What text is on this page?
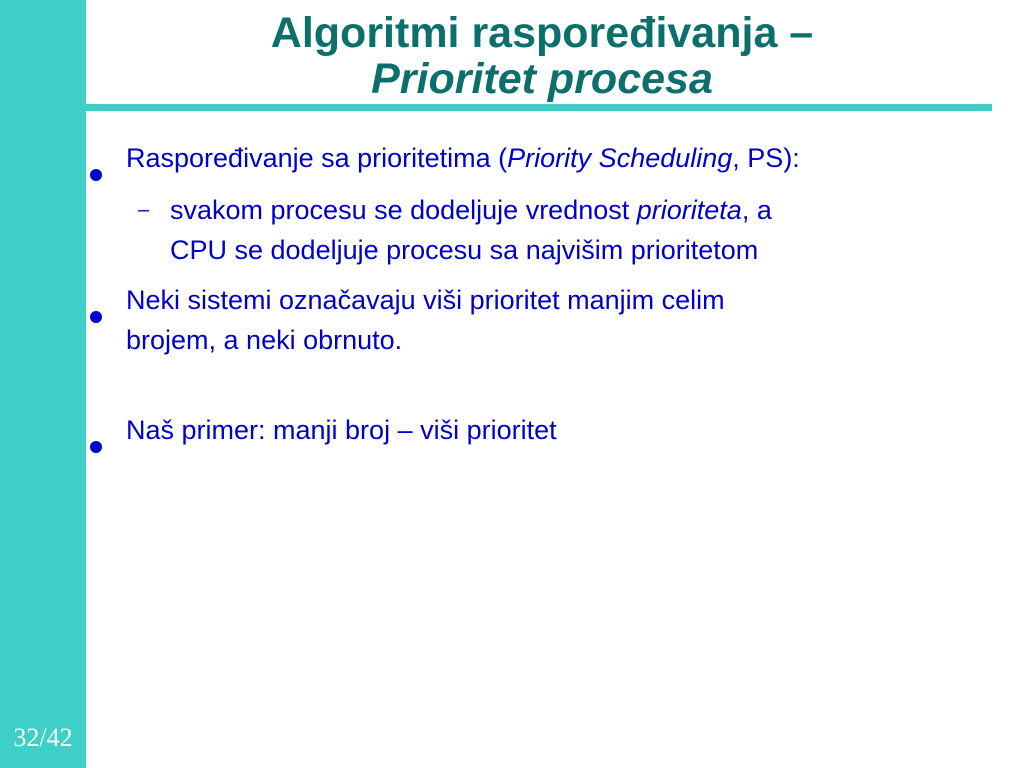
32/42
Algoritmi raspoređivanja –
Prioritet procesa
Raspoređivanje sa prioritetima (Priority Scheduling, PS):
– svakom procesu se dodeljuje vrednost prioriteta, a
CPU se dodeljuje procesu sa najvišim prioritetom
Neki sistemi označavaju viši prioritet manjim celim
brojem, a neki obrnuto.
Naš primer: manji broj – viši prioritet
